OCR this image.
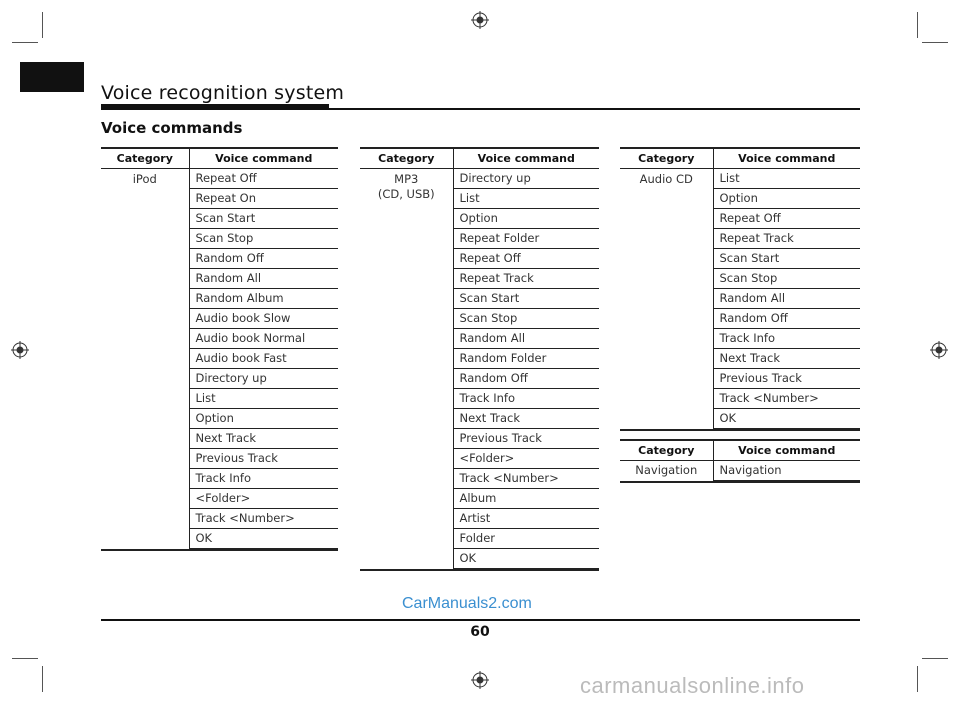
Voice recognition system
Voice commands
Category	Voice command
iPod	Repeat Off
	Repeat On
	Scan Start
	Scan Stop
	Random Off
	Random All
	Random Album
	Audio book Slow
	Audio book Normal
	Audio book Fast
	Directory up
	List
	Option
	Next Track
	Previous Track
	Track Info
	<Folder>
	Track <Number>
	OK

Category	Voice command
MP3
(CD, USB)	Directory up
	List
	Option
	Repeat Folder
	Repeat Off
	Repeat Track
	Scan Start
	Scan Stop
	Random All
	Random Folder
	Random Off
	Track Info
	Next Track
	Previous Track
	<Folder>
	Track <Number>
	Album
	Artist
	Folder
	OK

Category	Voice command
Audio CD	List
	Option
	Repeat Off
	Repeat Track
	Scan Start
	Scan Stop
	Random All
	Random Off
	Track Info
	Next Track
	Previous Track
	Track <Number>
	OK

Category	Voice command
Navigation	Navigation

CarManuals2.com
60
carmanualsonline.info
